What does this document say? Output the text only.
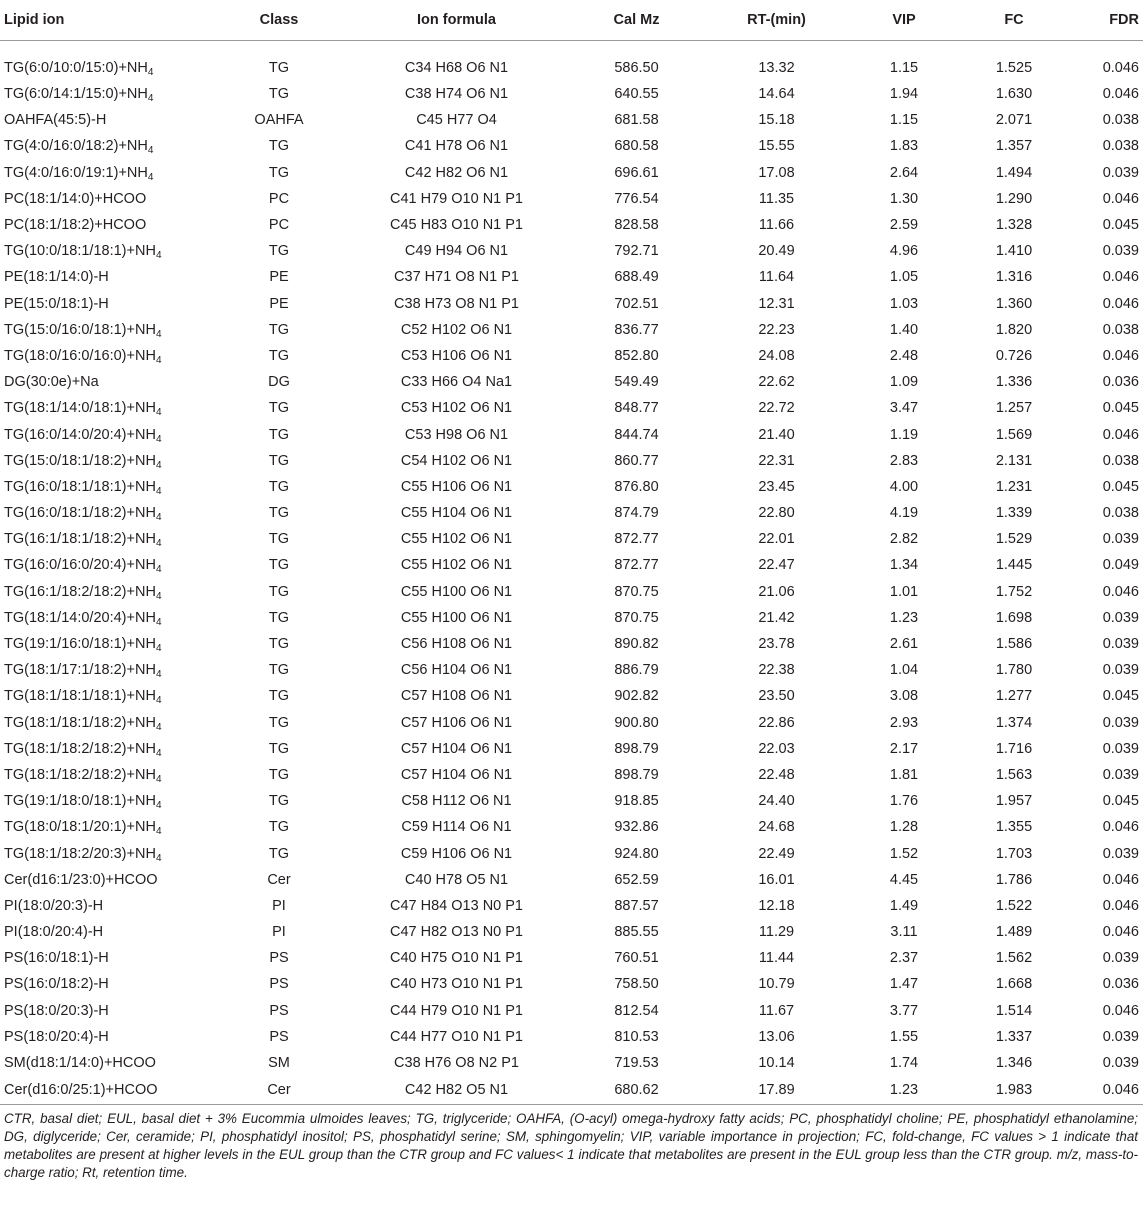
Lipid ion	Class	Ion formula	Cal Mz	RT-(min)	VIP	FC	FDR
$TG(6:0/10:0/15:0)+NH_4$	TG	C34 H68 O6 N1	586.50	13.32	1.15	1.525	0.046
$TG(6:0/14:1/15:0)+NH_4$	TG	C38 H74 O6 N1	640.55	14.64	1.94	1.630	0.046
OAHFA(45:5)-H	OAHFA	C45 H77 O4	681.58	15.18	1.15	2.071	0.038
$TG(4:0/16:0/18:2)+NH_4$	TG	C41 H78 O6 N1	680.58	15.55	1.83	1.357	0.038
$TG(4:0/16:0/19:1)+NH_4$	TG	C42 H82 O6 N1	696.61	17.08	2.64	1.494	0.039
PC(18:1/14:0)+HCOO	PC	C41 H79 O10 N1 P1	776.54	11.35	1.30	1.290	0.046
PC(18:1/18:2)+HCOO	PC	C45 H83 O10 N1 P1	828.58	11.66	2.59	1.328	0.045
$TG(10:0/18:1/18:1)+NH_4$	TG	C49 H94 O6 N1	792.71	20.49	4.96	1.410	0.039
PE(18:1/14:0)-H	PE	C37 H71 O8 N1 P1	688.49	11.64	1.05	1.316	0.046
PE(15:0/18:1)-H	PE	C38 H73 O8 N1 P1	702.51	12.31	1.03	1.360	0.046
$TG(15:0/16:0/18:1)+NH_4$	TG	C52 H102 O6 N1	836.77	22.23	1.40	1.820	0.038
$TG(18:0/16:0/16:0)+NH_4$	TG	C53 H106 O6 N1	852.80	24.08	2.48	0.726	0.046
DG(30:0e)+Na	DG	C33 H66 O4 Na1	549.49	22.62	1.09	1.336	0.036
$TG(18:1/14:0/18:1)+NH_4$	TG	C53 H102 O6 N1	848.77	22.72	3.47	1.257	0.045
$TG(16:0/14:0/20:4)+NH_4$	TG	C53 H98 O6 N1	844.74	21.40	1.19	1.569	0.046
$TG(15:0/18:1/18:2)+NH_4$	TG	C54 H102 O6 N1	860.77	22.31	2.83	2.131	0.038
$TG(16:0/18:1/18:1)+NH_4$	TG	C55 H106 O6 N1	876.80	23.45	4.00	1.231	0.045
$TG(16:0/18:1/18:2)+NH_4$	TG	C55 H104 O6 N1	874.79	22.80	4.19	1.339	0.038
$TG(16:1/18:1/18:2)+NH_4$	TG	C55 H102 O6 N1	872.77	22.01	2.82	1.529	0.039
$TG(16:0/16:0/20:4)+NH_4$	TG	C55 H102 O6 N1	872.77	22.47	1.34	1.445	0.049
$TG(16:1/18:2/18:2)+NH_4$	TG	C55 H100 O6 N1	870.75	21.06	1.01	1.752	0.046
$TG(18:1/14:0/20:4)+NH_4$	TG	C55 H100 O6 N1	870.75	21.42	1.23	1.698	0.039
$TG(19:1/16:0/18:1)+NH_4$	TG	C56 H108 O6 N1	890.82	23.78	2.61	1.586	0.039
$TG(18:1/17:1/18:2)+NH_4$	TG	C56 H104 O6 N1	886.79	22.38	1.04	1.780	0.039
$TG(18:1/18:1/18:1)+NH_4$	TG	C57 H108 O6 N1	902.82	23.50	3.08	1.277	0.045
$TG(18:1/18:1/18:2)+NH_4$	TG	C57 H106 O6 N1	900.80	22.86	2.93	1.374	0.039
$TG(18:1/18:2/18:2)+NH_4$	TG	C57 H104 O6 N1	898.79	22.03	2.17	1.716	0.039
$TG(18:1/18:2/18:2)+NH_4$	TG	C57 H104 O6 N1	898.79	22.48	1.81	1.563	0.039
$TG(19:1/18:0/18:1)+NH_4$	TG	C58 H112 O6 N1	918.85	24.40	1.76	1.957	0.045
$TG(18:0/18:1/20:1)+NH_4$	TG	C59 H114 O6 N1	932.86	24.68	1.28	1.355	0.046
$TG(18:1/18:2/20:3)+NH_4$	TG	C59 H106 O6 N1	924.80	22.49	1.52	1.703	0.039
Cer(d16:1/23:0)+HCOO	Cer	C40 H78 O5 N1	652.59	16.01	4.45	1.786	0.046
PI(18:0/20:3)-H	PI	C47 H84 O13 N0 P1	887.57	12.18	1.49	1.522	0.046
PI(18:0/20:4)-H	PI	C47 H82 O13 N0 P1	885.55	11.29	3.11	1.489	0.046
PS(16:0/18:1)-H	PS	C40 H75 O10 N1 P1	760.51	11.44	2.37	1.562	0.039
PS(16:0/18:2)-H	PS	C40 H73 O10 N1 P1	758.50	10.79	1.47	1.668	0.036
PS(18:0/20:3)-H	PS	C44 H79 O10 N1 P1	812.54	11.67	3.77	1.514	0.046
PS(18:0/20:4)-H	PS	C44 H77 O10 N1 P1	810.53	13.06	1.55	1.337	0.039
SM(d18:1/14:0)+HCOO	SM	C38 H76 O8 N2 P1	719.53	10.14	1.74	1.346	0.039
Cer(d16:0/25:1)+HCOO	Cer	C42 H82 O5 N1	680.62	17.89	1.23	1.983	0.046
CTR, basal diet; EUL, basal diet + 3% Eucommia ulmoides leaves; TG, triglyceride; OAHFA, (O-acyl) omega-hydroxy fatty acids; PC, phosphatidyl choline; PE, phosphatidyl ethanolamine; DG, diglyceride; Cer, ceramide; PI, phosphatidyl inositol; PS, phosphatidyl serine; SM, sphingomyelin; VIP, variable importance in projection; FC, fold-change, FC values > 1 indicate that metabolites are present at higher levels in the EUL group than the CTR group and FC values< 1 indicate that metabolites are present in the EUL group less than the CTR group. m/z, mass-to-charge ratio; Rt, retention time.
